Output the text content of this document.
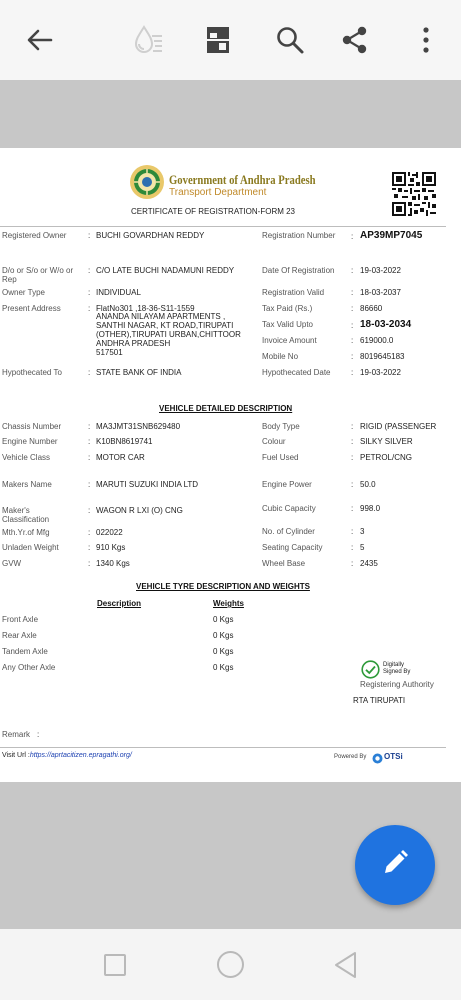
Government of Andhra Pradesh
Transport Department
CERTIFICATE OF REGISTRATION-FORM 23
Registered Owner	: BUCHI GOVARDHAN REDDY
D/o or S/o or W/o or
Rep
: C/O LATE BUCHI NADAMUNI REDDY
Owner Type	: INDIVIDUAL
Present Address	: FlatNo301 ,18-36-S11-1559
ANANDA NILAYAM APARTMENTS ,
SANTHI NAGAR, KT ROAD,TIRUPATI
(OTHER),TIRUPATI URBAN,CHITTOOR
ANDHRA PRADESH
517501
Hypothecated To	: STATE BANK OF INDIA
Registration Number : AP39MP7045
Date Of Registration : 19-03-2022
Registration Valid	: 18-03-2037
Tax Paid (Rs.)	: 86660
Tax Valid Upto	: 18-03-2034
Invoice Amount	: 619000.0
Mobile No	: 8019645183
Hypothecated Date	: 19-03-2022
VEHICLE DETAILED DESCRIPTION
Chassis Number	: MA3JMT31SNB629480
Engine Number	: K10BN8619741
Vehicle Class	: MOTOR CAR
Makers Name	: MARUTI SUZUKI INDIA LTD
Maker's
Classification
: WAGON R LXI (O) CNG
Mth.Yr.of Mfg	: 022022
Unladen Weight	: 910 Kgs
GVW	: 1340 Kgs
Body Type	: RIGID (PASSENGER
Colour	: SILKY SILVER
Fuel Used	: PETROL/CNG
Engine Power	: 50.0
Cubic Capacity	: 998.0
No. of Cylinder	: 3
Seating Capacity	: 5
Wheel Base	: 2435
VEHICLE TYRE DESCRIPTION AND WEIGHTS
Description	Weights
Front Axle	0 Kgs
Rear Axle	0 Kgs
Tandem Axle	0 Kgs
Any Other Axle	0 Kgs	Digitally
Signed By
Registering Authority
RTA TIRUPATI
Remark :
Visit Url :https://aprtacitizen.epragathi.org/	Powered By OTSi
